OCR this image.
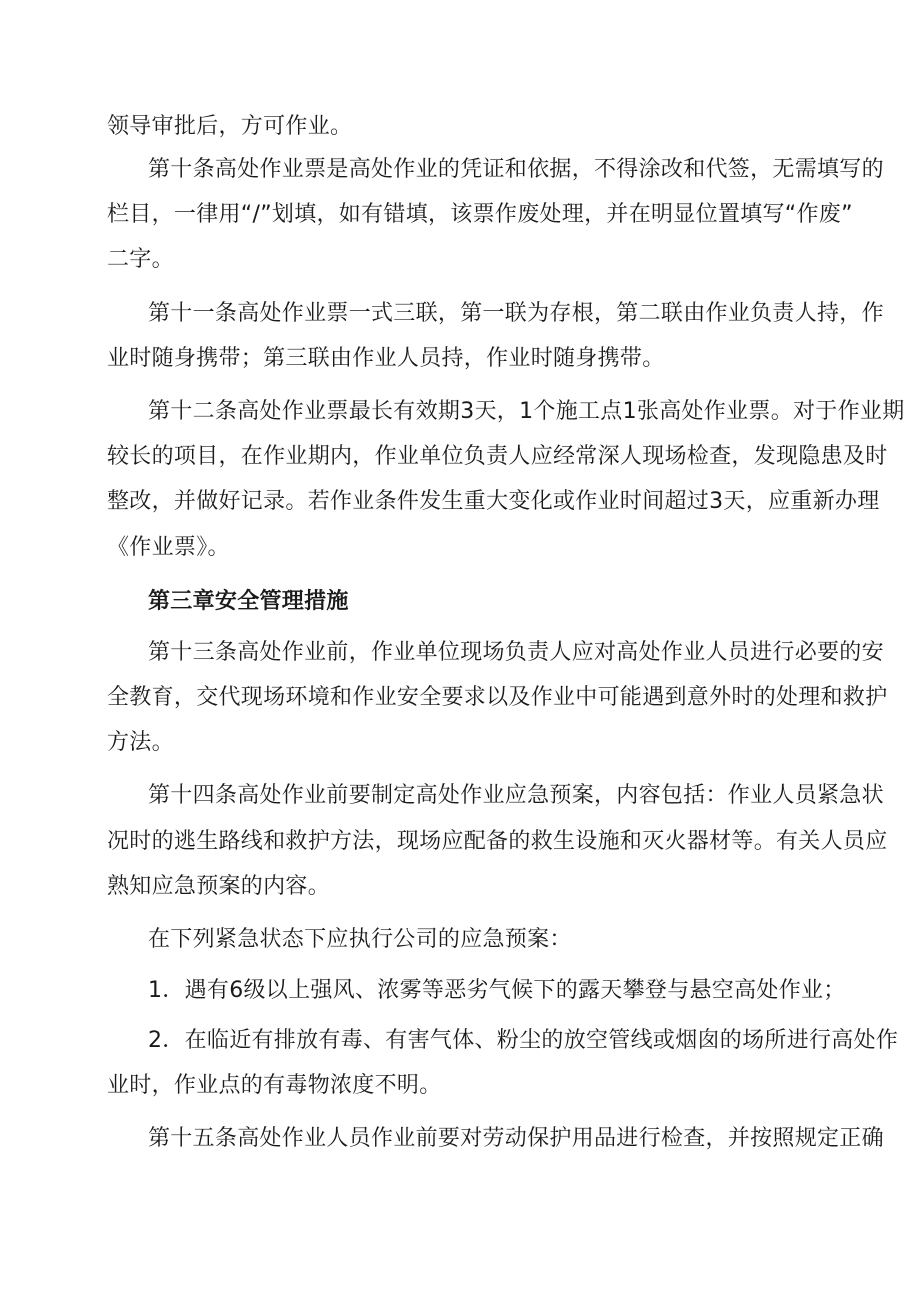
领导审批后，方可作业。
第十条高处作业票是高处作业的凭证和依据，不得涂改和代签，无需填写的
栏目，一律用“/”划填，如有错填，该票作废处理，并在明显位置填写“作废”
二字。
第十一条高处作业票一式三联，第一联为存根，第二联由作业负责人持，作
业时随身携带；第三联由作业人员持，作业时随身携带。
第十二条高处作业票最长有效期3天，1个施工点1张高处作业票。对于作业期
较长的项目，在作业期内，作业单位负责人应经常深人现场检查，发现隐患及时
整改，并做好记录。若作业条件发生重大变化或作业时间超过3天，应重新办理
《作业票》。
第三章安全管理措施
第十三条高处作业前，作业单位现场负责人应对高处作业人员进行必要的安
全教育，交代现场环境和作业安全要求以及作业中可能遇到意外时的处理和救护
方法。
第十四条高处作业前要制定高处作业应急预案，内容包括：作业人员紧急状
况时的逃生路线和救护方法，现场应配备的救生设施和灭火器材等。有关人员应
熟知应急预案的内容。
在下列紧急状态下应执行公司的应急预案：
1．遇有6级以上强风、浓雾等恶劣气候下的露天攀登与悬空高处作业；
2．在临近有排放有毒、有害气体、粉尘的放空管线或烟囱的场所进行高处作
业时，作业点的有毒物浓度不明。
第十五条高处作业人员作业前要对劳动保护用品进行检查，并按照规定正确
